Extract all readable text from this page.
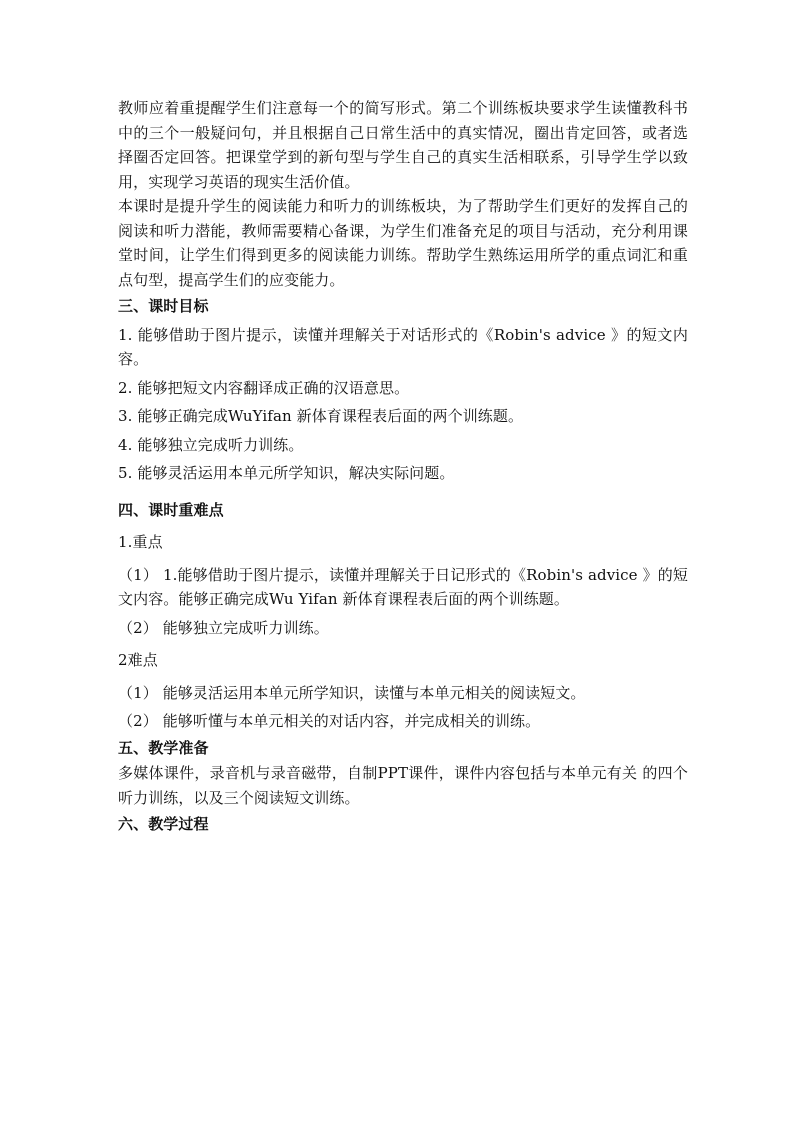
教师应着重提醒学生们注意每一个的简写形式。第二个训练板块要求学生读懂教科书中的三个一般疑问句，并且根据自己日常生活中的真实情况，圈出肯定回答，或者选择圈否定回答。把课堂学到的新句型与学生自己的真实生活相联系，引导学生学以致用，实现学习英语的现实生活价值。

本课时是提升学生的阅读能力和听力的训练板块，为了帮助学生们更好的发挥自己的阅读和听力潜能，教师需要精心备课，为学生们准备充足的项目与活动，充分利用课堂时间，让学生们得到更多的阅读能力训练。帮助学生熟练运用所学的重点词汇和重点句型，提高学生们的应变能力。

三、课时目标

1. 能够借助于图片提示，读懂并理解关于对话形式的《Robin's advice 》的短文内容。

2. 能够把短文内容翻译成正确的汉语意思。

3. 能够正确完成WuYifan 新体育课程表后面的两个训练题。

4. 能够独立完成听力训练。

5. 能够灵活运用本单元所学知识，解决实际问题。

四、课时重难点

1.重点

（1） 1.能够借助于图片提示，读懂并理解关于日记形式的《Robin's advice 》的短文内容。能够正确完成Wu Yifan 新体育课程表后面的两个训练题。

（2） 能够独立完成听力训练。

2难点

（1） 能够灵活运用本单元所学知识，读懂与本单元相关的阅读短文。

（2） 能够听懂与本单元相关的对话内容，并完成相关的训练。

五、教学准备

多媒体课件，录音机与录音磁带，自制PPT课件，课件内容包括与本单元有关 的四个听力训练，以及三个阅读短文训练。

六、教学过程
